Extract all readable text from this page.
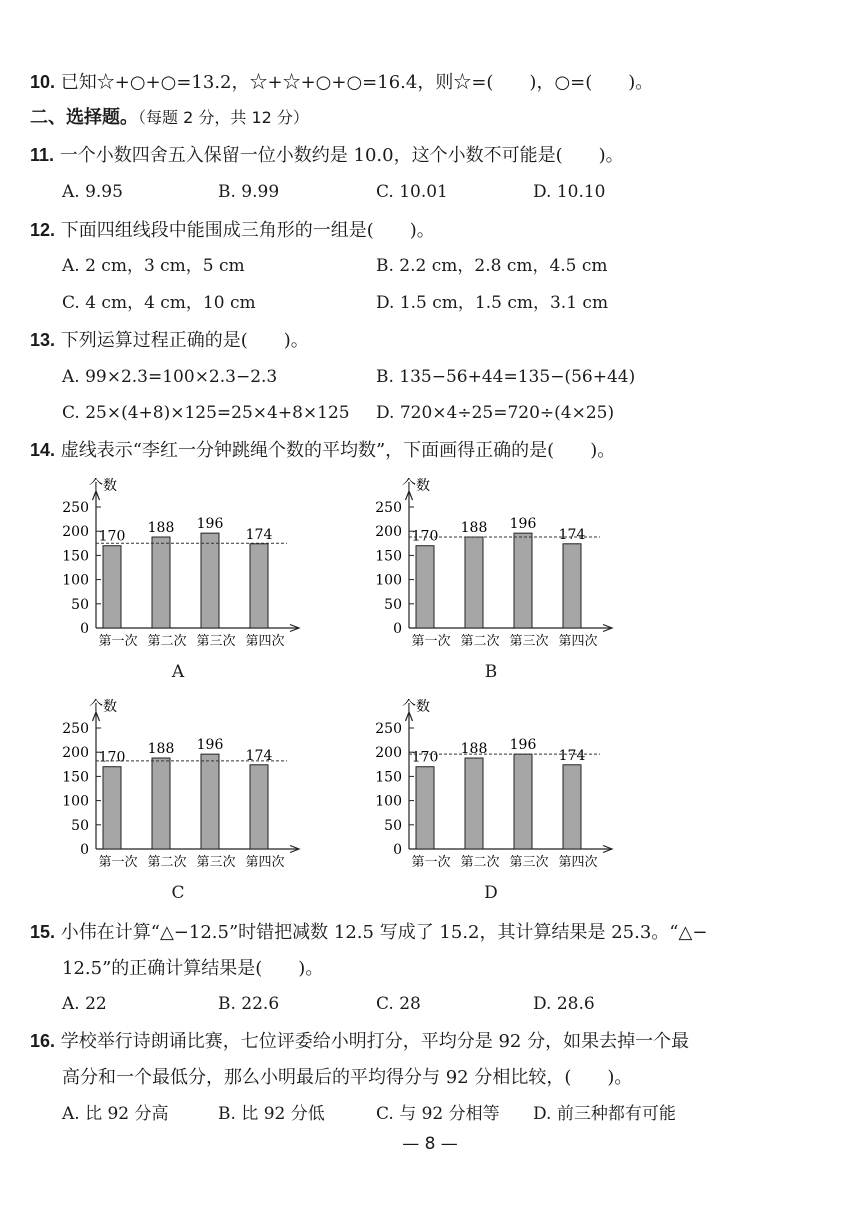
10. 已知☆+○+○=13.2，☆+☆+○+○=16.4，则☆=(　　)，○=(　　)。
二、选择题。（每题 2 分，共 12 分）
11. 一个小数四舍五入保留一位小数约是 10.0，这个小数不可能是(　　)。
A. 9.95	B. 9.99	C. 10.01	D. 10.10
12. 下面四组线段中能围成三角形的一组是(　　)。
A. 2 cm，3 cm，5 cm	B. 2.2 cm，2.8 cm，4.5 cm
C. 4 cm，4 cm，10 cm	D. 1.5 cm，1.5 cm，3.1 cm
13. 下列运算过程正确的是(　　)。
A. 99×2.3=100×2.3−2.3	B. 135−56+44=135−(56+44)
C. 25×(4+8)×125=25×4+8×125 D. 720×4÷25=720÷(4×25)
14. 虚线表示“李红一分钟跳绳个数的平均数”，下面画得正确的是(　　)。
个数
0
50
100
150
200
250
170
第一次
188
第二次
196
第三次
174
第四次
A
个数
0
50
100
150
200
250
170
第一次
188
第二次
196
第三次
174
第四次
B
个数
0
50
100
150
200
250
170
第一次
188
第二次
196
第三次
174
第四次
C
个数
0
50
100
150
200
250
170
第一次
188
第二次
196
第三次
174
第四次
D
15. 小伟在计算“△−12.5”时错把减数 12.5 写成了 15.2，其计算结果是 25.3。“△−
12.5”的正确计算结果是(　　)。
A. 22	B. 22.6	C. 28	D. 28.6
16. 学校举行诗朗诵比赛，七位评委给小明打分，平均分是 92 分，如果去掉一个最
高分和一个最低分，那么小明最后的平均得分与 92 分相比较，(　　)。
A. 比 92 分高	B. 比 92 分低	C. 与 92 分相等 D. 前三种都有可能
— 8 —
